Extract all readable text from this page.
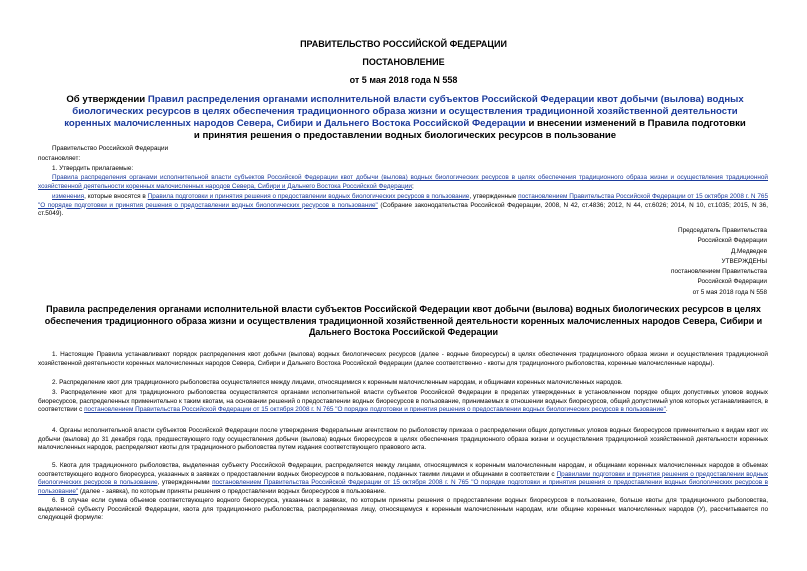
ПРАВИТЕЛЬСТВО РОССИЙСКОЙ ФЕДЕРАЦИИ
ПОСТАНОВЛЕНИЕ
от 5 мая 2018 года N 558
Об утверждении Правил распределения органами исполнительной власти субъектов Российской Федерации квот добычи (вылова) водных биологических ресурсов в целях обеспечения традиционного образа жизни и осуществления традиционной хозяйственной деятельности коренных малочисленных народов Севера, Сибири и Дальнего Востока Российской Федерации и внесении изменений в Правила подготовки и принятия решения о предоставлении водных биологических ресурсов в пользование
Правительство Российской Федерации
постановляет:
1. Утвердить прилагаемые:
Правила распределения органами исполнительной власти субъектов Российской Федерации квот добычи (вылова) водных биологических ресурсов в целях обеспечения традиционного образа жизни и осуществления традиционной хозяйственной деятельности коренных малочисленных народов Севера, Сибири и Дальнего Востока Российской Федерации;
изменения, которые вносятся в Правила подготовки и принятия решения о предоставлении водных биологических ресурсов в пользование, утвержденные постановлением Правительства Российской Федерации от 15 октября 2008 г. N 765 "О порядке подготовки и принятия решения о предоставлении водных биологических ресурсов в пользование" (Собрание законодательства Российской Федерации, 2008, N 42, ст.4836; 2012, N 44, ст.6026; 2014, N 10, ст.1035; 2015, N 36, ст.5049).
Председатель Правительства
Российской Федерации
Д.Медведев
УТВЕРЖДЕНЫ
постановлением Правительства
Российской Федерации
от 5 мая 2018 года N 558
Правила распределения органами исполнительной власти субъектов Российской Федерации квот добычи (вылова) водных биологических ресурсов в целях обеспечения традиционного образа жизни и осуществления традиционной хозяйственной деятельности коренных малочисленных народов Севера, Сибири и Дальнего Востока Российской Федерации
1. Настоящие Правила устанавливают порядок распределения квот добычи (вылова) водных биологических ресурсов (далее - водные биоресурсы) в целях обеспечения традиционного образа жизни и осуществления традиционной хозяйственной деятельности коренных малочисленных народов Севера, Сибири и Дальнего Востока Российской Федерации (далее соответственно - квоты для традиционного рыболовства, коренные малочисленные народы).
2. Распределение квот для традиционного рыболовства осуществляется между лицами, относящимися к коренным малочисленным народам, и общинами коренных малочисленных народов.
3. Распределение квот для традиционного рыболовства осуществляется органами исполнительной власти субъектов Российской Федерации в пределах утвержденных в установленном порядке общих допустимых уловов водных биоресурсов, распределенных применительно к таким квотам, на основании решений о предоставлении водных биоресурсов в пользование, принимаемых в отношении водных биоресурсов, общий допустимый улов которых устанавливается, в соответствии с постановлением Правительства Российской Федерации от 15 октября 2008 г. N 765 "О порядке подготовки и принятия решения о предоставлении водных биологических ресурсов в пользование".
4. Органы исполнительной власти субъектов Российской Федерации после утверждения Федеральным агентством по рыболовству приказа о распределении общих допустимых уловов водных биоресурсов применительно к видам квот их добычи (вылова) до 31 декабря года, предшествующего году осуществления добычи (вылова) водных биоресурсов в целях обеспечения традиционного образа жизни и осуществления традиционной хозяйственной деятельности коренных малочисленных народов, распределяют квоты для традиционного рыболовства путем издания соответствующего правового акта.
5. Квота для традиционного рыболовства, выделенная субъекту Российской Федерации, распределяется между лицами, относящимися к коренным малочисленным народам, и общинами коренных малочисленных народов в объемах соответствующего водного биоресурса, указанных в заявках о предоставлении водных биоресурсов в пользование, поданных такими лицами и общинами в соответствии с Правилами подготовки и принятия решения о предоставлении водных биологических ресурсов в пользование, утвержденными постановлением Правительства Российской Федерации от 15 октября 2008 г. N 765 "О порядке подготовки и принятия решения о предоставлении водных биологических ресурсов в пользование" (далее - заявка), по которым приняты решения о предоставлении водных биоресурсов в пользование.
6. В случае если сумма объемов соответствующего водного биоресурса, указанных в заявках, по которым приняты решения о предоставлении водных биоресурсов в пользование, больше квоты для традиционного рыболовства, выделенной субъекту Российской Федерации, квота для традиционного рыболовства, распределяемая лицу, относящемуся к коренным малочисленным народам, или общине коренных малочисленных народов (У), рассчитывается по следующей формуле:
